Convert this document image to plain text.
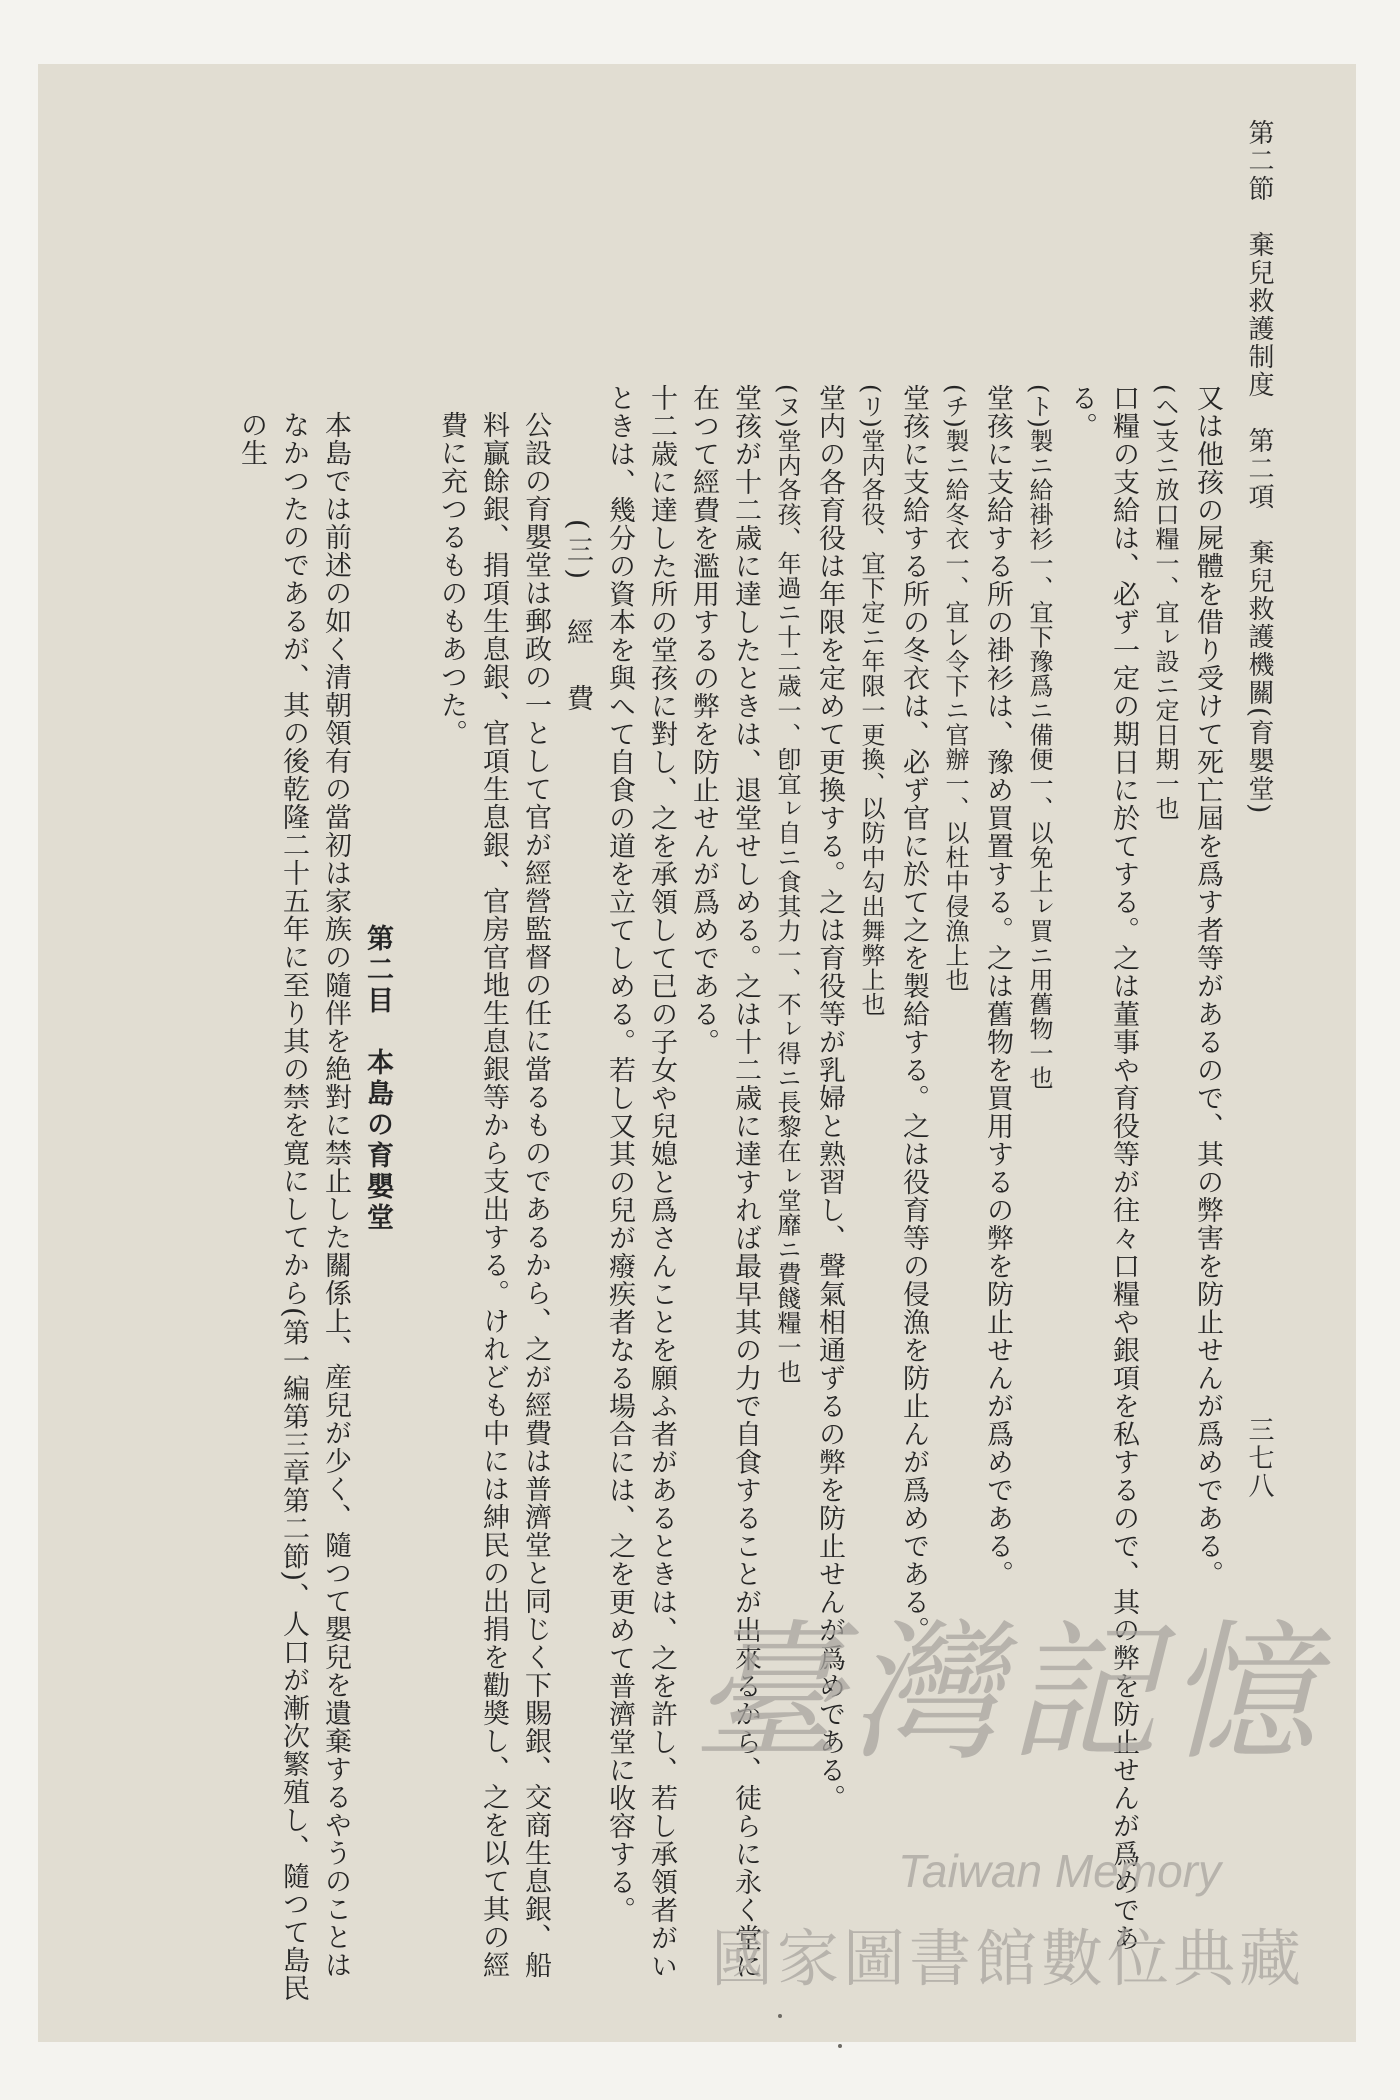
第二節　棄兒救護制度　第二項　棄兒救護機關(育嬰堂)
三七八

又は他孩の屍體を借り受けて死亡屆を爲す者等があるので、其の弊害を防止せんが爲めである。

(ヘ)支ニ放口糧一、宜ㇾ設ニ定日期一也

口糧の支給は、必ず一定の期日に於てする。之は董事や育役等が往々口糧や銀項を私するので、其の弊を防止せんが爲めである。

(ト)製ニ給褂衫一、宜下豫爲ニ備便一、以免上ㇾ買ニ用舊物一也

堂孩に支給する所の褂衫は、豫め買置する。之は舊物を買用するの弊を防止せんが爲めである。

(チ)製ニ給冬衣一、宜レ令下ニ官辦一、以杜中侵漁上也

堂孩に支給する所の冬衣は、必ず官に於て之を製給する。之は役育等の侵漁を防止んが爲めである。

(リ)堂内各役、宜下定ニ年限一更換、以防中勾出舞弊上也

堂内の各育役は年限を定めて更換する。之は育役等が乳婦と熟習し、聲氣相通ずるの弊を防止せんが爲めである。

(ヌ)堂内各孩、年過ニ十二歳一、卽宜ㇾ自ニ食其力一、不ㇾ得ニ長黎在ㇾ堂靡ニ費餞糧一也

堂孩が十二歳に達したときは、退堂せしめる。之は十二歳に達すれば最早其の力で自食することが出來るから、徒らに永く堂に在つて經費を濫用するの弊を防止せんが爲めである。

十二歳に達した所の堂孩に對し、之を承領して已の子女や兒媳と爲さんことを願ふ者があるときは、之を許し、若し承領者がいときは、幾分の資本を與へて自食の道を立てしめる。若し又其の兒が癈疾者なる場合には、之を更めて普濟堂に收容する。

(三)　經　費

公設の育嬰堂は郵政の一として官が經營監督の任に當るものであるから、之が經費は普濟堂と同じく下賜銀、交商生息銀、船料贏餘銀、捐項生息銀、官項生息銀、官房官地生息銀等から支出する。けれども中には紳民の出捐を勸奬し、之を以て其の經費に充つるものもあつた。

第二目　本島の育嬰堂

本島では前述の如く清朝領有の當初は家族の隨伴を絶對に禁止した關係上、産兒が少く、隨つて嬰兒を遺棄するやうのことはなかつたのであるが、其の後乾隆二十五年に至り其の禁を寛にしてから(第一編第三章第二節)、人口が漸次繁殖し、隨つて島民の生

臺灣記憶
Taiwan Memory
國家圖書館數位典藏
